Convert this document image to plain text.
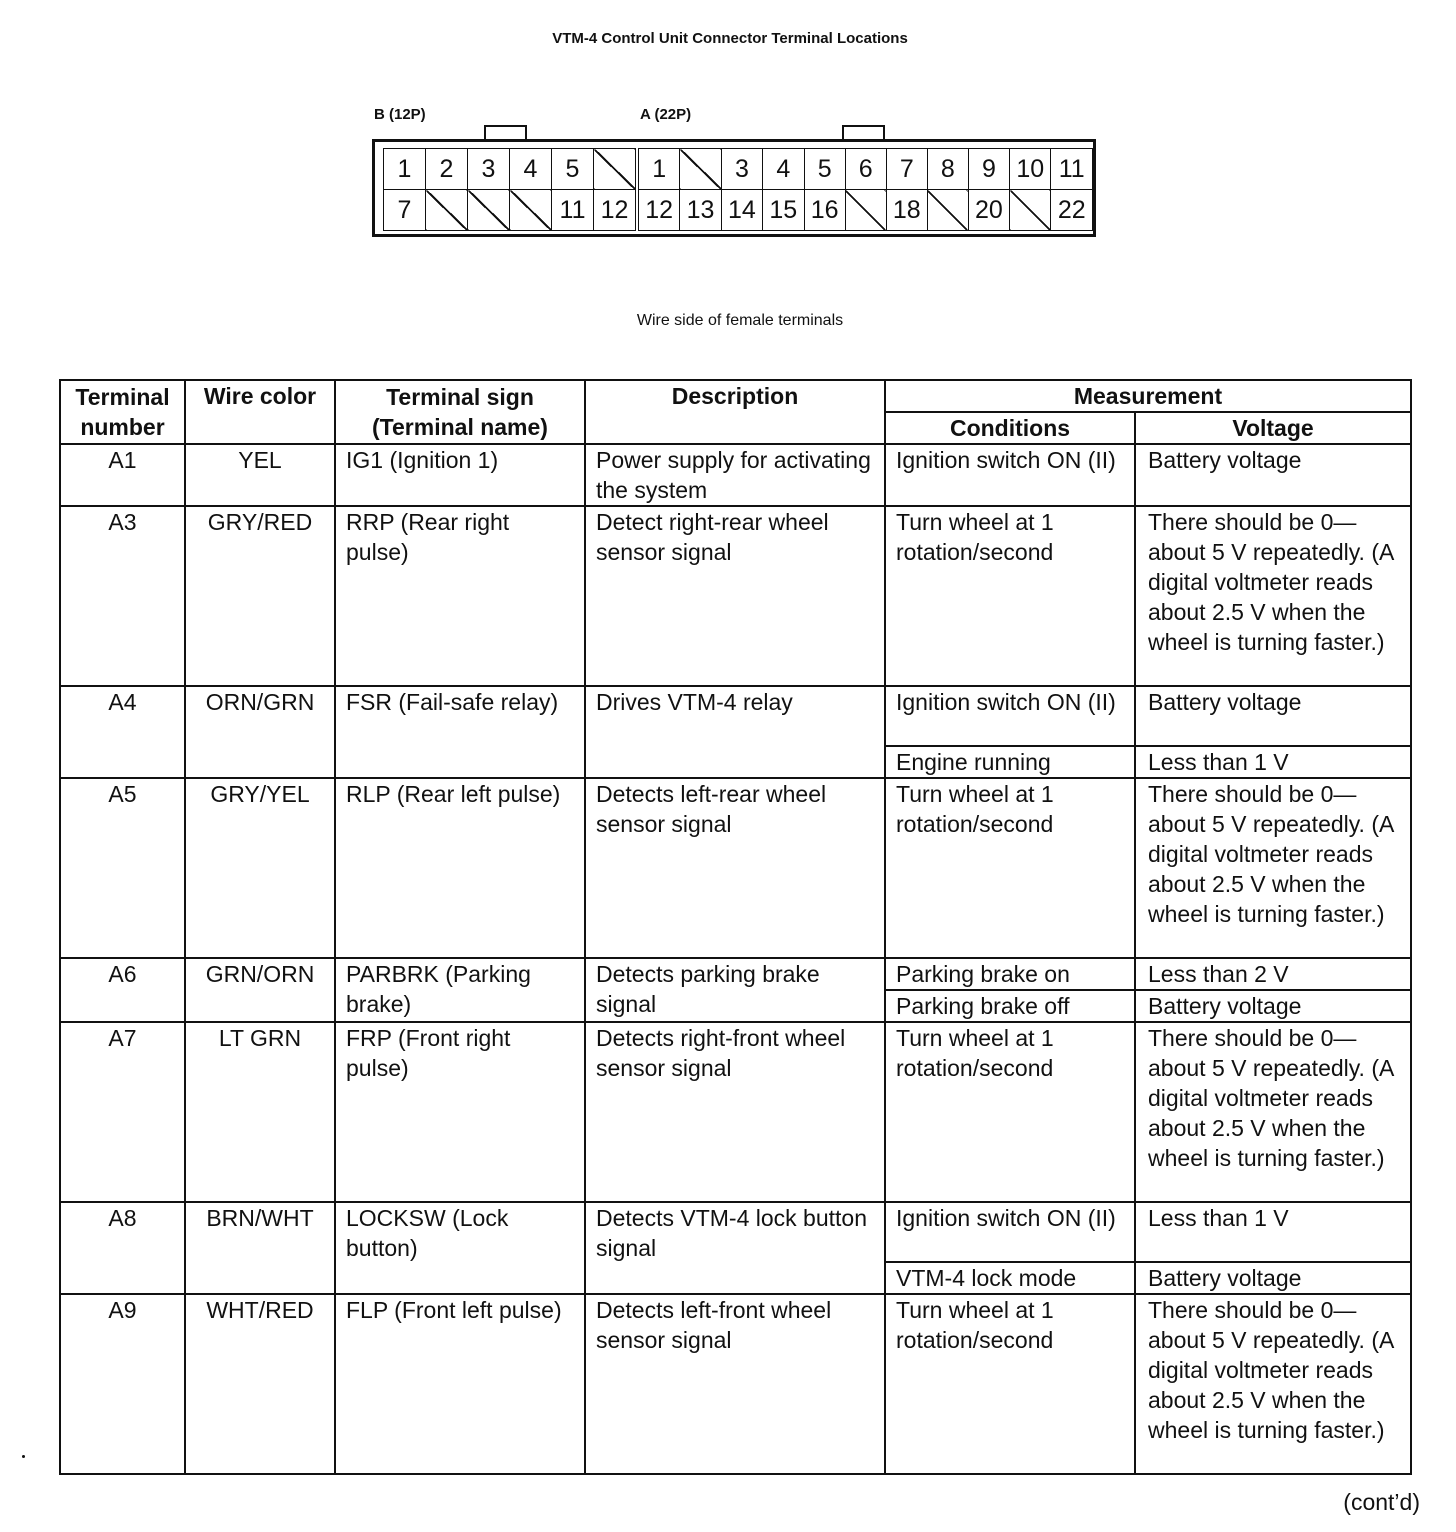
VTM-4 Control Unit Connector Terminal Locations
B (12P)	A (22P)
1	2	3	4	5	
7				11	12
1		3	4	5	6	7	8	9	10	11
12	13	14	15	16		18		20		22
Wire side of female terminals
Terminal number	Wire color	Terminal sign (Terminal name)	Description	Measurement	
				Conditions	Voltage
A1	YEL	IG1 (Ignition 1)	Power supply for activating the system	Ignition switch ON (II)	Battery voltage
A3	GRY/RED	RRP (Rear right pulse)	Detect right-rear wheel sensor signal	Turn wheel at 1 rotation/second	There should be 0—about 5 V repeatedly. (A digital voltmeter reads about 2.5 V when the wheel is turning faster.)
A4	ORN/GRN	FSR (Fail-safe relay)	Drives VTM-4 relay	Ignition switch ON (II)	Battery voltage
				Engine running	Less than 1 V
A5	GRY/YEL	RLP (Rear left pulse)	Detects left-rear wheel sensor signal	Turn wheel at 1 rotation/second	There should be 0—about 5 V repeatedly. (A digital voltmeter reads about 2.5 V when the wheel is turning faster.)
A6	GRN/ORN	PARBRK (Parking brake)	Detects parking brake signal	Parking brake on	Less than 2 V
				Parking brake off	Battery voltage
A7	LT GRN	FRP (Front right pulse)	Detects right-front wheel sensor signal	Turn wheel at 1 rotation/second	There should be 0—about 5 V repeatedly. (A digital voltmeter reads about 2.5 V when the wheel is turning faster.)
A8	BRN/WHT	LOCKSW (Lock button)	Detects VTM-4 lock button signal	Ignition switch ON (II)	Less than 1 V
				VTM-4 lock mode	Battery voltage
A9	WHT/RED	FLP (Front left pulse)	Detects left-front wheel sensor signal	Turn wheel at 1 rotation/second	There should be 0—about 5 V repeatedly. (A digital voltmeter reads about 2.5 V when the wheel is turning faster.)
(cont’d)
